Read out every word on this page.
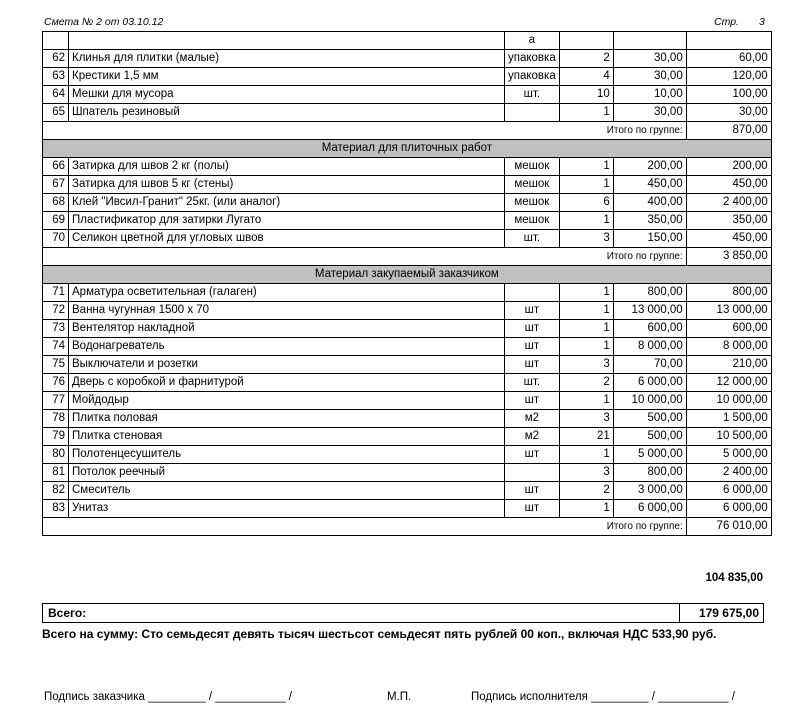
Смета № 2 от 03.10.12	Стр. 3
		а			
62	Клинья для плитки (малые)	упаковка	2	30,00	60,00
63	Крестики 1,5 мм	упаковка	4	30,00	120,00
64	Мешки для мусора	шт.	10	10,00	100,00
65	Шпатель резиновый		1	30,00	30,00
Итого по группе:					870,00
Материал для плиточных работ					
66	Затирка для швов 2 кг (полы)	мешок	1	200,00	200,00
67	Затирка для швов 5 кг (стены)	мешок	1	450,00	450,00
68	Клей "Ивсил-Гранит" 25кг. (или аналог)	мешок	6	400,00	2 400,00
69	Пластификатор для затирки Лугато	мешок	1	350,00	350,00
70	Селикон цветной для угловых швов	шт.	3	150,00	450,00
Итого по группе:					3 850,00
Материал закупаемый заказчиком					
71	Арматура осветительная (галаген)		1	800,00	800,00
72	Ванна чугунная 1500 х 70	шт	1	13 000,00	13 000,00
73	Вентелятор накладной	шт	1	600,00	600,00
74	Водонагреватель	шт	1	8 000,00	8 000,00
75	Выключатели и розетки	шт	3	70,00	210,00
76	Дверь с коробкой и фарнитурой	шт.	2	6 000,00	12 000,00
77	Мойдодыр	шт	1	10 000,00	10 000,00
78	Плитка половая	м2	3	500,00	1 500,00
79	Плитка стеновая	м2	21	500,00	10 500,00
80	Полотенцесушитель	шт	1	5 000,00	5 000,00
81	Потолок реечный		3	800,00	2 400,00
82	Смеситель	шт	2	3 000,00	6 000,00
83	Унитаз	шт	1	6 000,00	6 000,00
Итого по группе:					76 010,00
104 835,00
Всего:	179 675,00
Всего на сумму: Сто семьдесят девять тысяч шестьсот семьдесят пять рублей 00 коп., включая НДС 533,90 руб.
Подпись заказчика _________ / ___________ /	М.П.	Подпись исполнителя _________ / ___________ /
